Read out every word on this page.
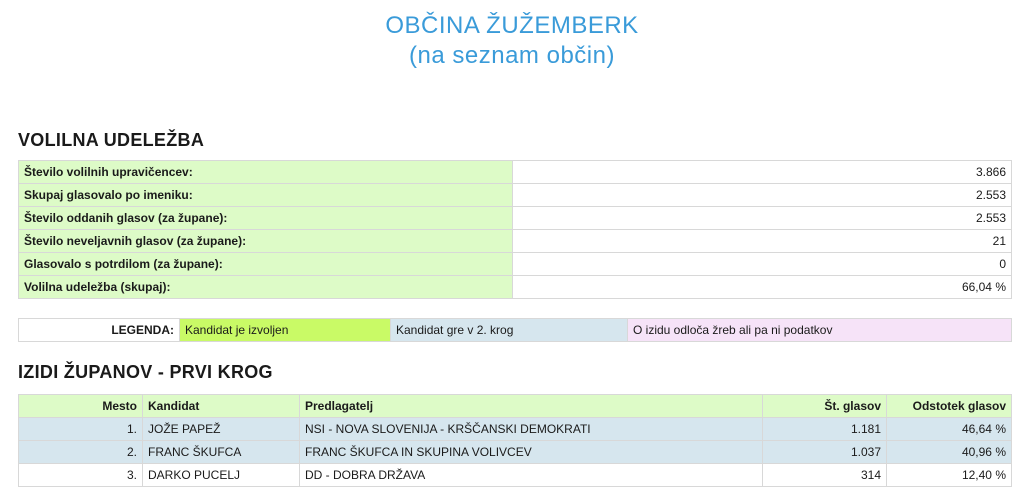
OBČINA ŽUŽEMBERK
(na seznam občin)
VOLILNA UDELEŽBA
Število volilnih upravičencev:	3.866
Skupaj glasovalo po imeniku:	2.553
Število oddanih glasov (za župane):	2.553
Število neveljavnih glasov (za župane):	21
Glasovalo s potrdilom (za župane):	0
Volilna udeležba (skupaj):	66,04 %
LEGENDA:	Kandidat je izvoljen	Kandidat gre v 2. krog	O izidu odloča žreb ali pa ni podatkov
IZIDI ŽUPANOV - PRVI KROG
Mesto	Kandidat	Predlagatelj	Št. glasov	Odstotek glasov
1.	JOŽE PAPEŽ	NSI - NOVA SLOVENIJA - KRŠČANSKI DEMOKRATI	1.181	46,64 %
2.	FRANC ŠKUFCA	FRANC ŠKUFCA IN SKUPINA VOLIVCEV	1.037	40,96 %
3.	DARKO PUCELJ	DD - DOBRA DRŽAVA	314	12,40 %
